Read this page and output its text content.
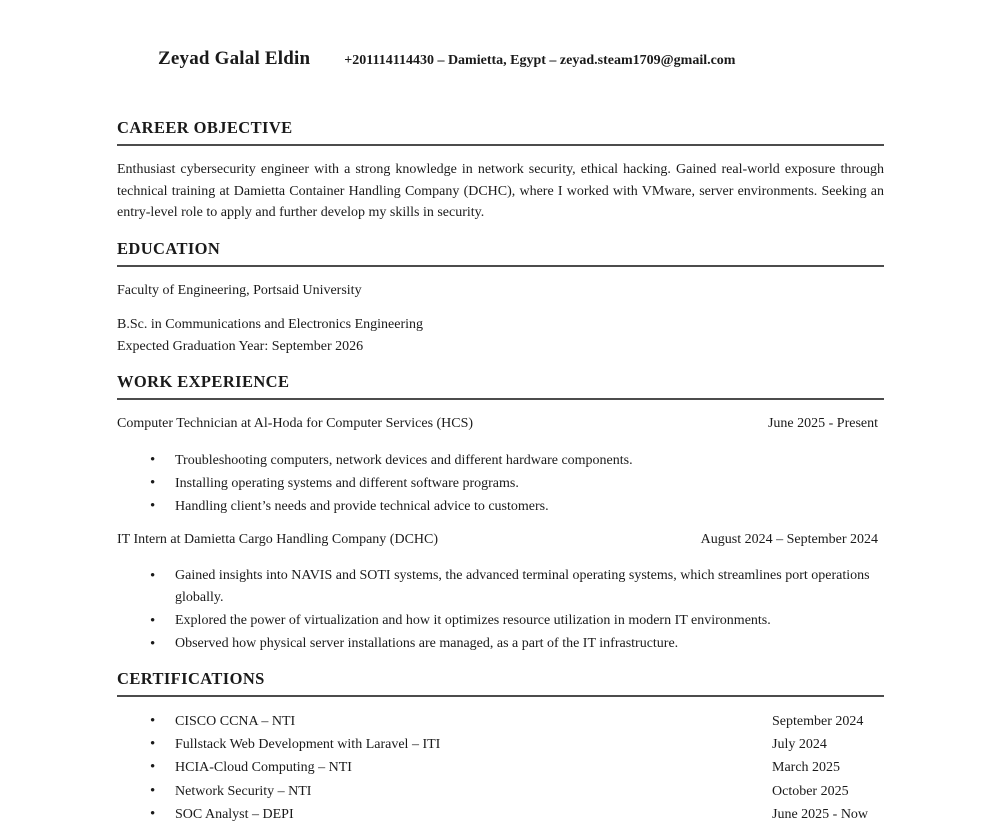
Zeyad Galal Eldin +201114114430 – Damietta, Egypt – zeyad.steam1709@gmail.com
CAREER OBJECTIVE

Enthusiast cybersecurity engineer with a strong knowledge in network security, ethical hacking. Gained real-world exposure through technical training at Damietta Container Handling Company (DCHC), where I worked with VMware, server environments. Seeking an entry-level role to apply and further develop my skills in security.

EDUCATION
Faculty of Engineering, Portsaid University
B.Sc. in Communications and Electronics Engineering
Expected Graduation Year: September 2026
WORK EXPERIENCE
Computer Technician at Al-Hoda for Computer Services (HCS)	June 2025 - Present
• Troubleshooting computers, network devices and different hardware components.
• Installing operating systems and different software programs.
• Handling client’s needs and provide technical advice to customers.
IT Intern at Damietta Cargo Handling Company (DCHC)	August 2024 – September 2024
• Gained insights into NAVIS and SOTI systems, the advanced terminal operating systems, which streamlines port operations globally.
• Explored the power of virtualization and how it optimizes resource utilization in modern IT environments.
• Observed how physical server installations are managed, as a part of the IT infrastructure.
CERTIFICATIONS
• CISCO CCNA – NTI	September 2024
• Fullstack Web Development with Laravel – ITI	July 2024
• HCIA-Cloud Computing – NTI	March 2025
• Network Security – NTI	October 2025
• SOC Analyst – DEPI	June 2025 - Now
